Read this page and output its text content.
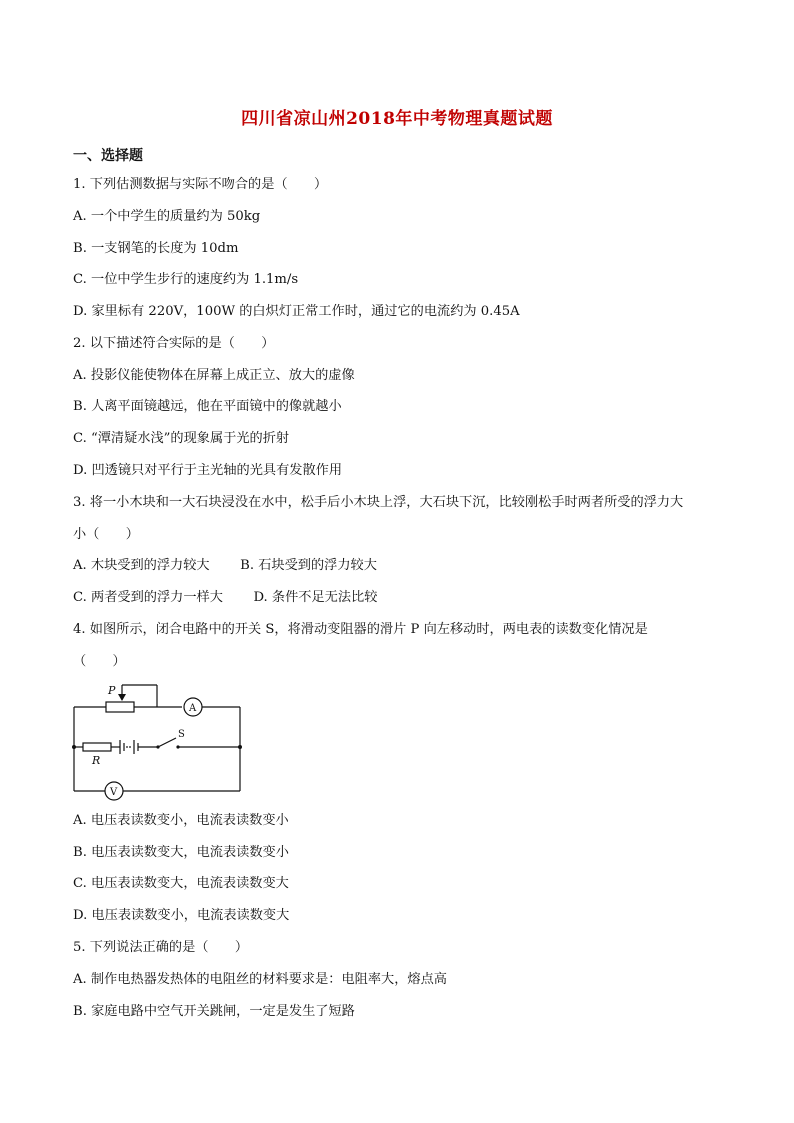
四川省凉山州2018年中考物理真题试题
一、选择题
1. 下列估测数据与实际不吻合的是（　　）
A. 一个中学生的质量约为 50kg
B. 一支钢笔的长度为 10dm
C. 一位中学生步行的速度约为 1.1m/s
D. 家里标有 220V，100W 的白炽灯正常工作时，通过它的电流约为 0.45A
2. 以下描述符合实际的是（　　）
A. 投影仪能使物体在屏幕上成正立、放大的虚像
B. 人离平面镜越远，他在平面镜中的像就越小
C. “潭清疑水浅”的现象属于光的折射
D. 凹透镜只对平行于主光轴的光具有发散作用
3. 将一小木块和一大石块浸没在水中，松手后小木块上浮，大石块下沉，比较刚松手时两者所受的浮力大
小（　　）
A. 木块受到的浮力较大　　 B. 石块受到的浮力较大
C. 两者受到的浮力一样大　　 D. 条件不足无法比较
4. 如图所示，闭合电路中的开关 S，将滑动变阻器的滑片 P 向左移动时，两电表的读数变化情况是
（　　）
P
A
S
R
V
A. 电压表读数变小，电流表读数变小
B. 电压表读数变大，电流表读数变小
C. 电压表读数变大，电流表读数变大
D. 电压表读数变小，电流表读数变大
5. 下列说法正确的是（　　）
A. 制作电热器发热体的电阻丝的材料要求是：电阻率大，熔点高
B. 家庭电路中空气开关跳闸，一定是发生了短路
